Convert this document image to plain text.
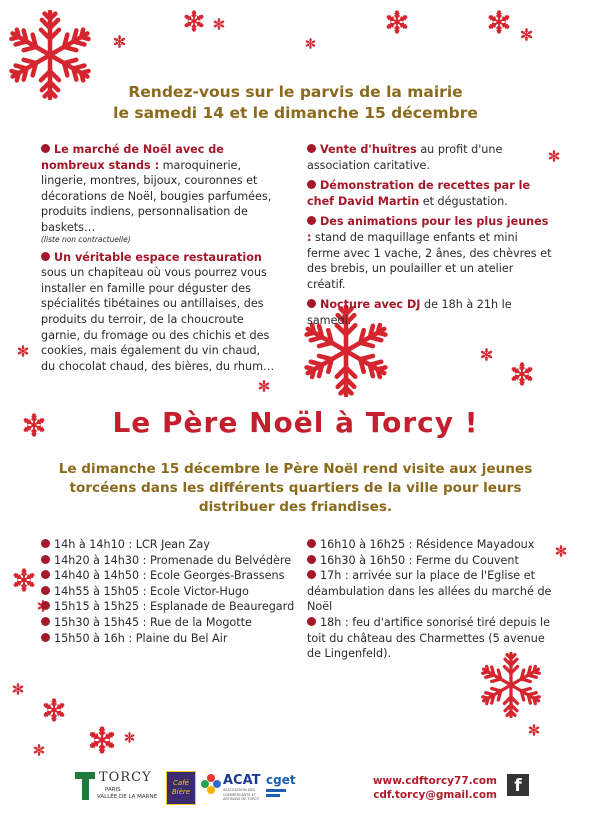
Rendez-vous sur le parvis de la mairie
le samedi 14 et le dimanche 15 décembre
Le marché de Noël avec de nombreux stands : maroquinerie, lingerie, montres, bijoux, couronnes et décorations de Noël, bougies parfumées, produits indiens, personnalisation de baskets…
(liste non contractuelle)
Un véritable espace restauration sous un chapiteau où vous pourrez vous installer en famille pour déguster des spécialités tibétaines ou antillaises, des produits du terroir, de la choucroute garnie, du fromage ou des chichis et des cookies, mais également du vin chaud, du chocolat chaud, des bières, du rhum…
Vente d'huîtres au profit d'une association caritative.
Démonstration de recettes par le chef David Martin et dégustation.
Des animations pour les plus jeunes : stand de maquillage enfants et mini ferme avec 1 vache, 2 ânes, des chèvres et des brebis, un poulailler et un atelier créatif.
Nocture avec DJ de 18h à 21h le samedi.
Le Père Noël à Torcy !
Le dimanche 15 décembre le Père Noël rend visite aux jeunes torcéens dans les différents quartiers de la ville pour leurs distribuer des friandises.
14h à 14h10 : LCR Jean Zay
14h20 à 14h30 : Promenade du Belvédère
14h40 à 14h50 : Ecole Georges-Brassens
14h55 à 15h05 : Ecole Victor-Hugo
15h15 à 15h25 : Esplanade de Beauregard
15h30 à 15h45 : Rue de la Mogotte
15h50 à 16h : Plaine du Bel Air
16h10 à 16h25 : Résidence Mayadoux
16h30 à 16h50 : Ferme du Couvent
17h : arrivée sur la place de l'Eglise et déambulation dans les allées du marché de Noël
18h : feu d'artifice sonorisé tiré depuis le toit du château des Charmettes (5 avenue de Lingenfeld).
TORCY
PARIS
VALLÉE DE LA MARNE
Café Bière
ACAT
ASSOCIATION DES COMMERCANTS ET ARTISANS DE TORCY
cget	www.cdftorcy77.com
cdf.torcy@gmail.com	f
